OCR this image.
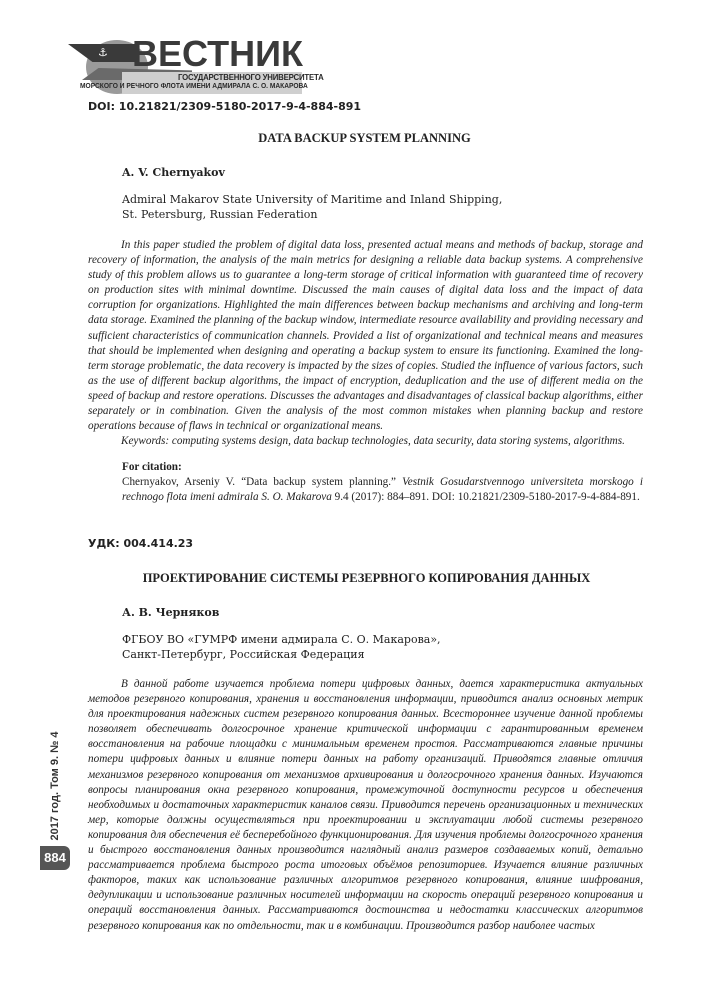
⚓ ВЕСТНИК
ГОСУДАРСТВЕННОГО УНИВЕРСИТЕТА
МОРСКОГО И РЕЧНОГО ФЛОТА ИМЕНИ АДМИРАЛА С. О. МАКАРОВА
DOI: 10.21821/2309-5180-2017-9-4-884-891
DATA BACKUP SYSTEM PLANNING
A. V. Chernyakov
Admiral Makarov State University of Maritime and Inland Shipping,
St. Petersburg, Russian Federation

In this paper studied the problem of digital data loss, presented actual means and methods of backup, storage and recovery of information, the analysis of the main metrics for designing a reliable data backup systems. A comprehensive study of this problem allows us to guarantee a long-term storage of critical information with guaranteed time of recovery on production sites with minimal downtime. Discussed the main causes of digital data loss and the impact of data corruption for organizations. Highlighted the main differences between backup mechanisms and archiving and long-term data storage. Examined the planning of the backup window, intermediate resource availability and providing necessary and sufficient characteristics of communication channels. Provided a list of organizational and technical means and measures that should be implemented when designing and operating a backup system to ensure its functioning. Examined the long-term storage problematic, the data recovery is impacted by the sizes of copies. Studied the influence of various factors, such as the use of different backup algorithms, the impact of encryption, deduplication and the use of different media on the speed of backup and restore operations. Discusses the advantages and disadvantages of classical backup algorithms, either separately or in combination. Given the analysis of the most common mistakes when planning backup and restore operations because of flaws in technical or organizational means.

Keywords: computing systems design, data backup technologies, data security, data storing systems, algorithms.

For citation:
Chernyakov, Arseniy V. “Data backup system planning.” Vestnik Gosudarstvennogo universiteta morskogo i rechnogo flota imeni admirala S. O. Makarova 9.4 (2017): 884–891. DOI: 10.21821/2309-5180-2017-9-4-884-891.
УДК: 004.414.23
ПРОЕКТИРОВАНИЕ СИСТЕМЫ РЕЗЕРВНОГО КОПИРОВАНИЯ ДАННЫХ
А. В. Черняков
ФГБОУ ВО «ГУМРФ имени адмирала С. О. Макарова»,
Санкт-Петербург, Российская Федерация

В данной работе изучается проблема потери цифровых данных, дается характеристика актуальных методов резервного копирования, хранения и восстановления информации, приводится анализ основных метрик для проектирования надежных систем резервного копирования данных. Всестороннее изучение данной проблемы позволяет обеспечивать долгосрочное хранение критической информации с гарантированным временем восстановления на рабочие площадки с минимальным временем простоя. Рассматриваются главные причины потери цифровых данных и влияние потери данных на работу организаций. Приводятся главные отличия механизмов резервного копирования от механизмов архивирования и долгосрочного хранения данных. Изучаются вопросы планирования окна резервного копирования, промежуточной доступности ресурсов и обеспечения необходимых и достаточных характеристик каналов связи. Приводится перечень организационных и технических мер, которые должны осуществляться при проектировании и эксплуатации любой системы резервного копирования для обеспечения её бесперебойного функционирования. Для изучения проблемы долгосрочного хранения и быстрого восстановления данных производится наглядный анализ размеров создаваемых копий, детально рассматривается проблема быстрого роста итоговых объёмов репозиториев. Изучается влияние различных факторов, таких как использование различных алгоритмов резервного копирования, влияние шифрования, дедупликации и использование различных носителей информации на скорость операций резервного копирования и операций восстановления данных. Рассматриваются достоинства и недостатки классических алгоритмов резервного копирования как по отдельности, так и в комбинации. Производится разбор наиболее частых

2017 год. Том 9. № 4
884
